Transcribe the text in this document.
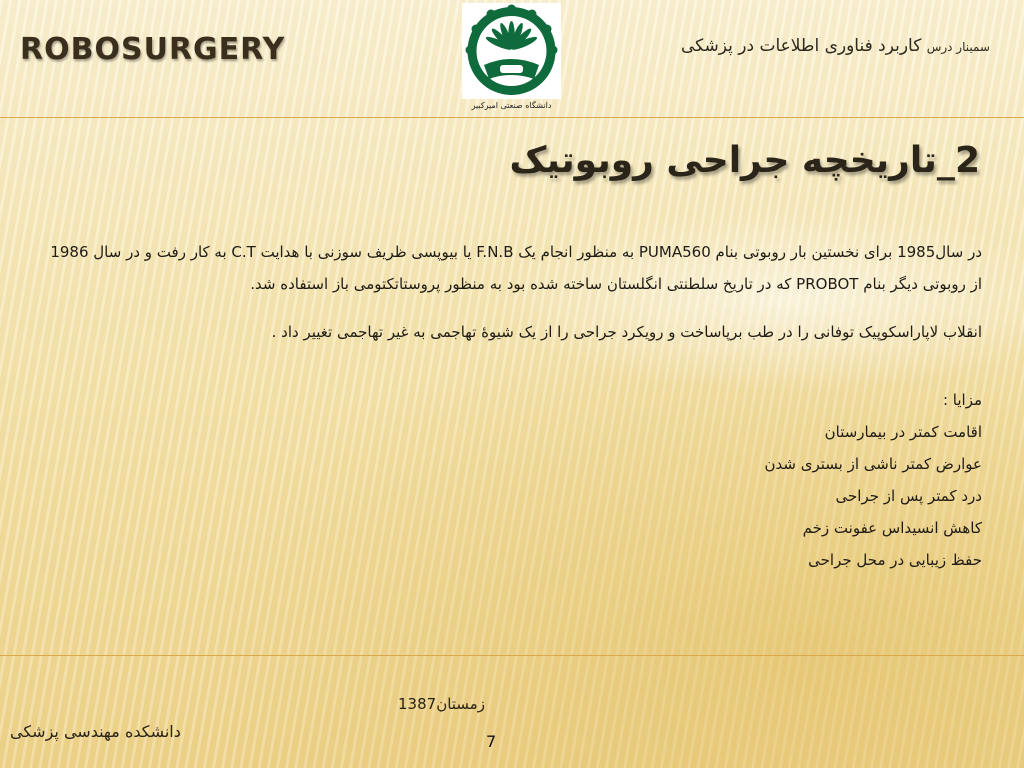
ROBOSURGERY	سمینار درس کاربرد فناوری اطلاعات در پزشکی
دانشگاه صنعتی امیرکبیر
2_تاریخچه جراحی روبوتیک

در سال1985 برای نخستین بار روبوتی بنام PUMA560 به منظور انجام یک F.N.B یا بیوپسی ظریف سوزنی با هدایت C.T به کار رفت و در سال 1986 از روبوتی دیگر بنام PROBOT که در تاریخ سلطنتی انگلستان ساخته شده بود به منظور پروستاتکتومی باز استفاده شد.

انقلاب لاپاراسکوپیک توفانی را در طب برپاساخت و رویکرد جراحی را از یک شیوهٔ تهاجمی به غیر تهاجمی تغییر داد .

مزایا :

اقامت کمتر در بیمارستان
عوارض کمتر ناشی از بستری شدن
درد کمتر پس از جراحی
کاهش انسیداس عفونت زخم
حفظ زیبایی در محل جراحی
زمستان1387
دانشکده مهندسی پزشکی
7
